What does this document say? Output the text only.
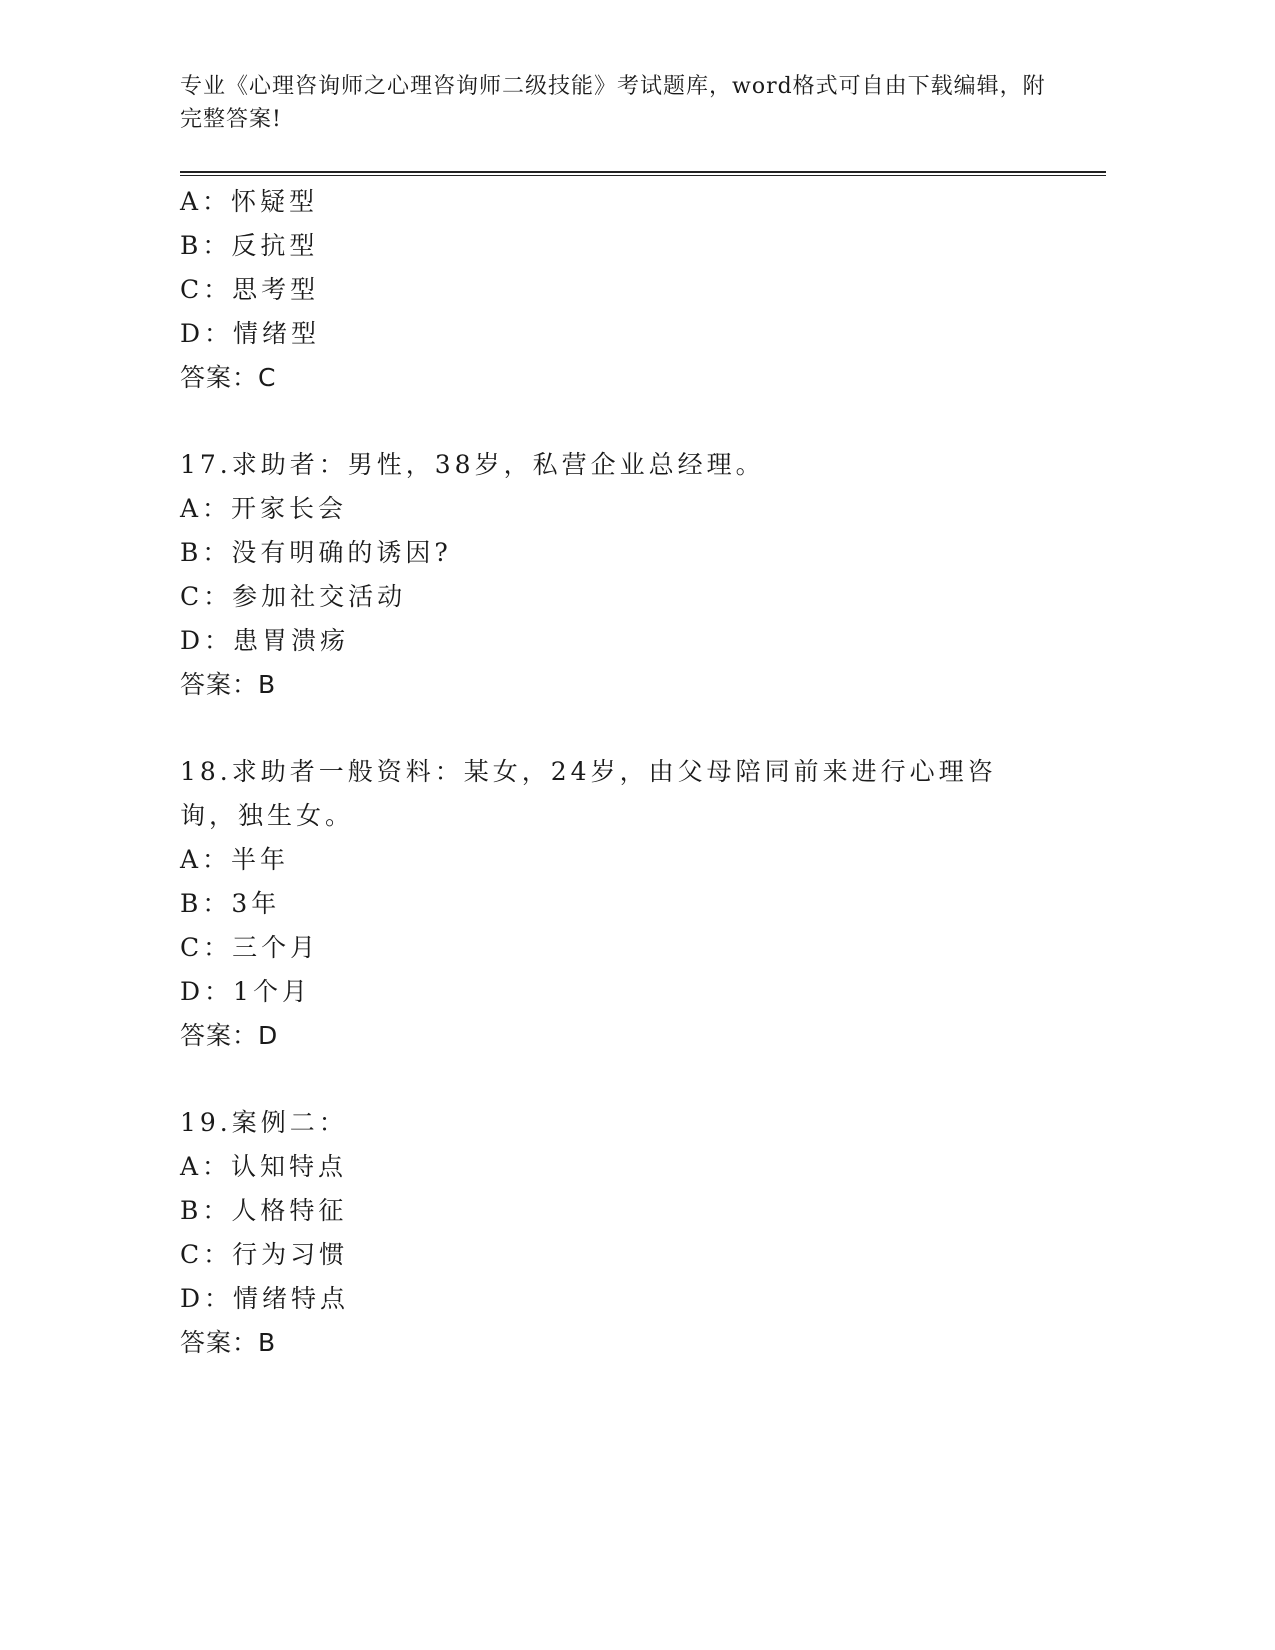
专业《心理咨询师之心理咨询师二级技能》考试题库，word格式可自由下载编辑，附完整答案!
A：怀疑型
B：反抗型
C：思考型
D：情绪型
答案：C
17.求助者：男性，38岁，私营企业总经理。
A：开家长会
B：没有明确的诱因?
C：参加社交活动
D：患胃溃疡
答案：B
18.求助者一般资料：某女，24岁，由父母陪同前来进行心理咨询，独生女。
A：半年
B：3年
C：三个月
D：1个月
答案：D
19.案例二：
A：认知特点
B：人格特征
C：行为习惯
D：情绪特点
答案：B
